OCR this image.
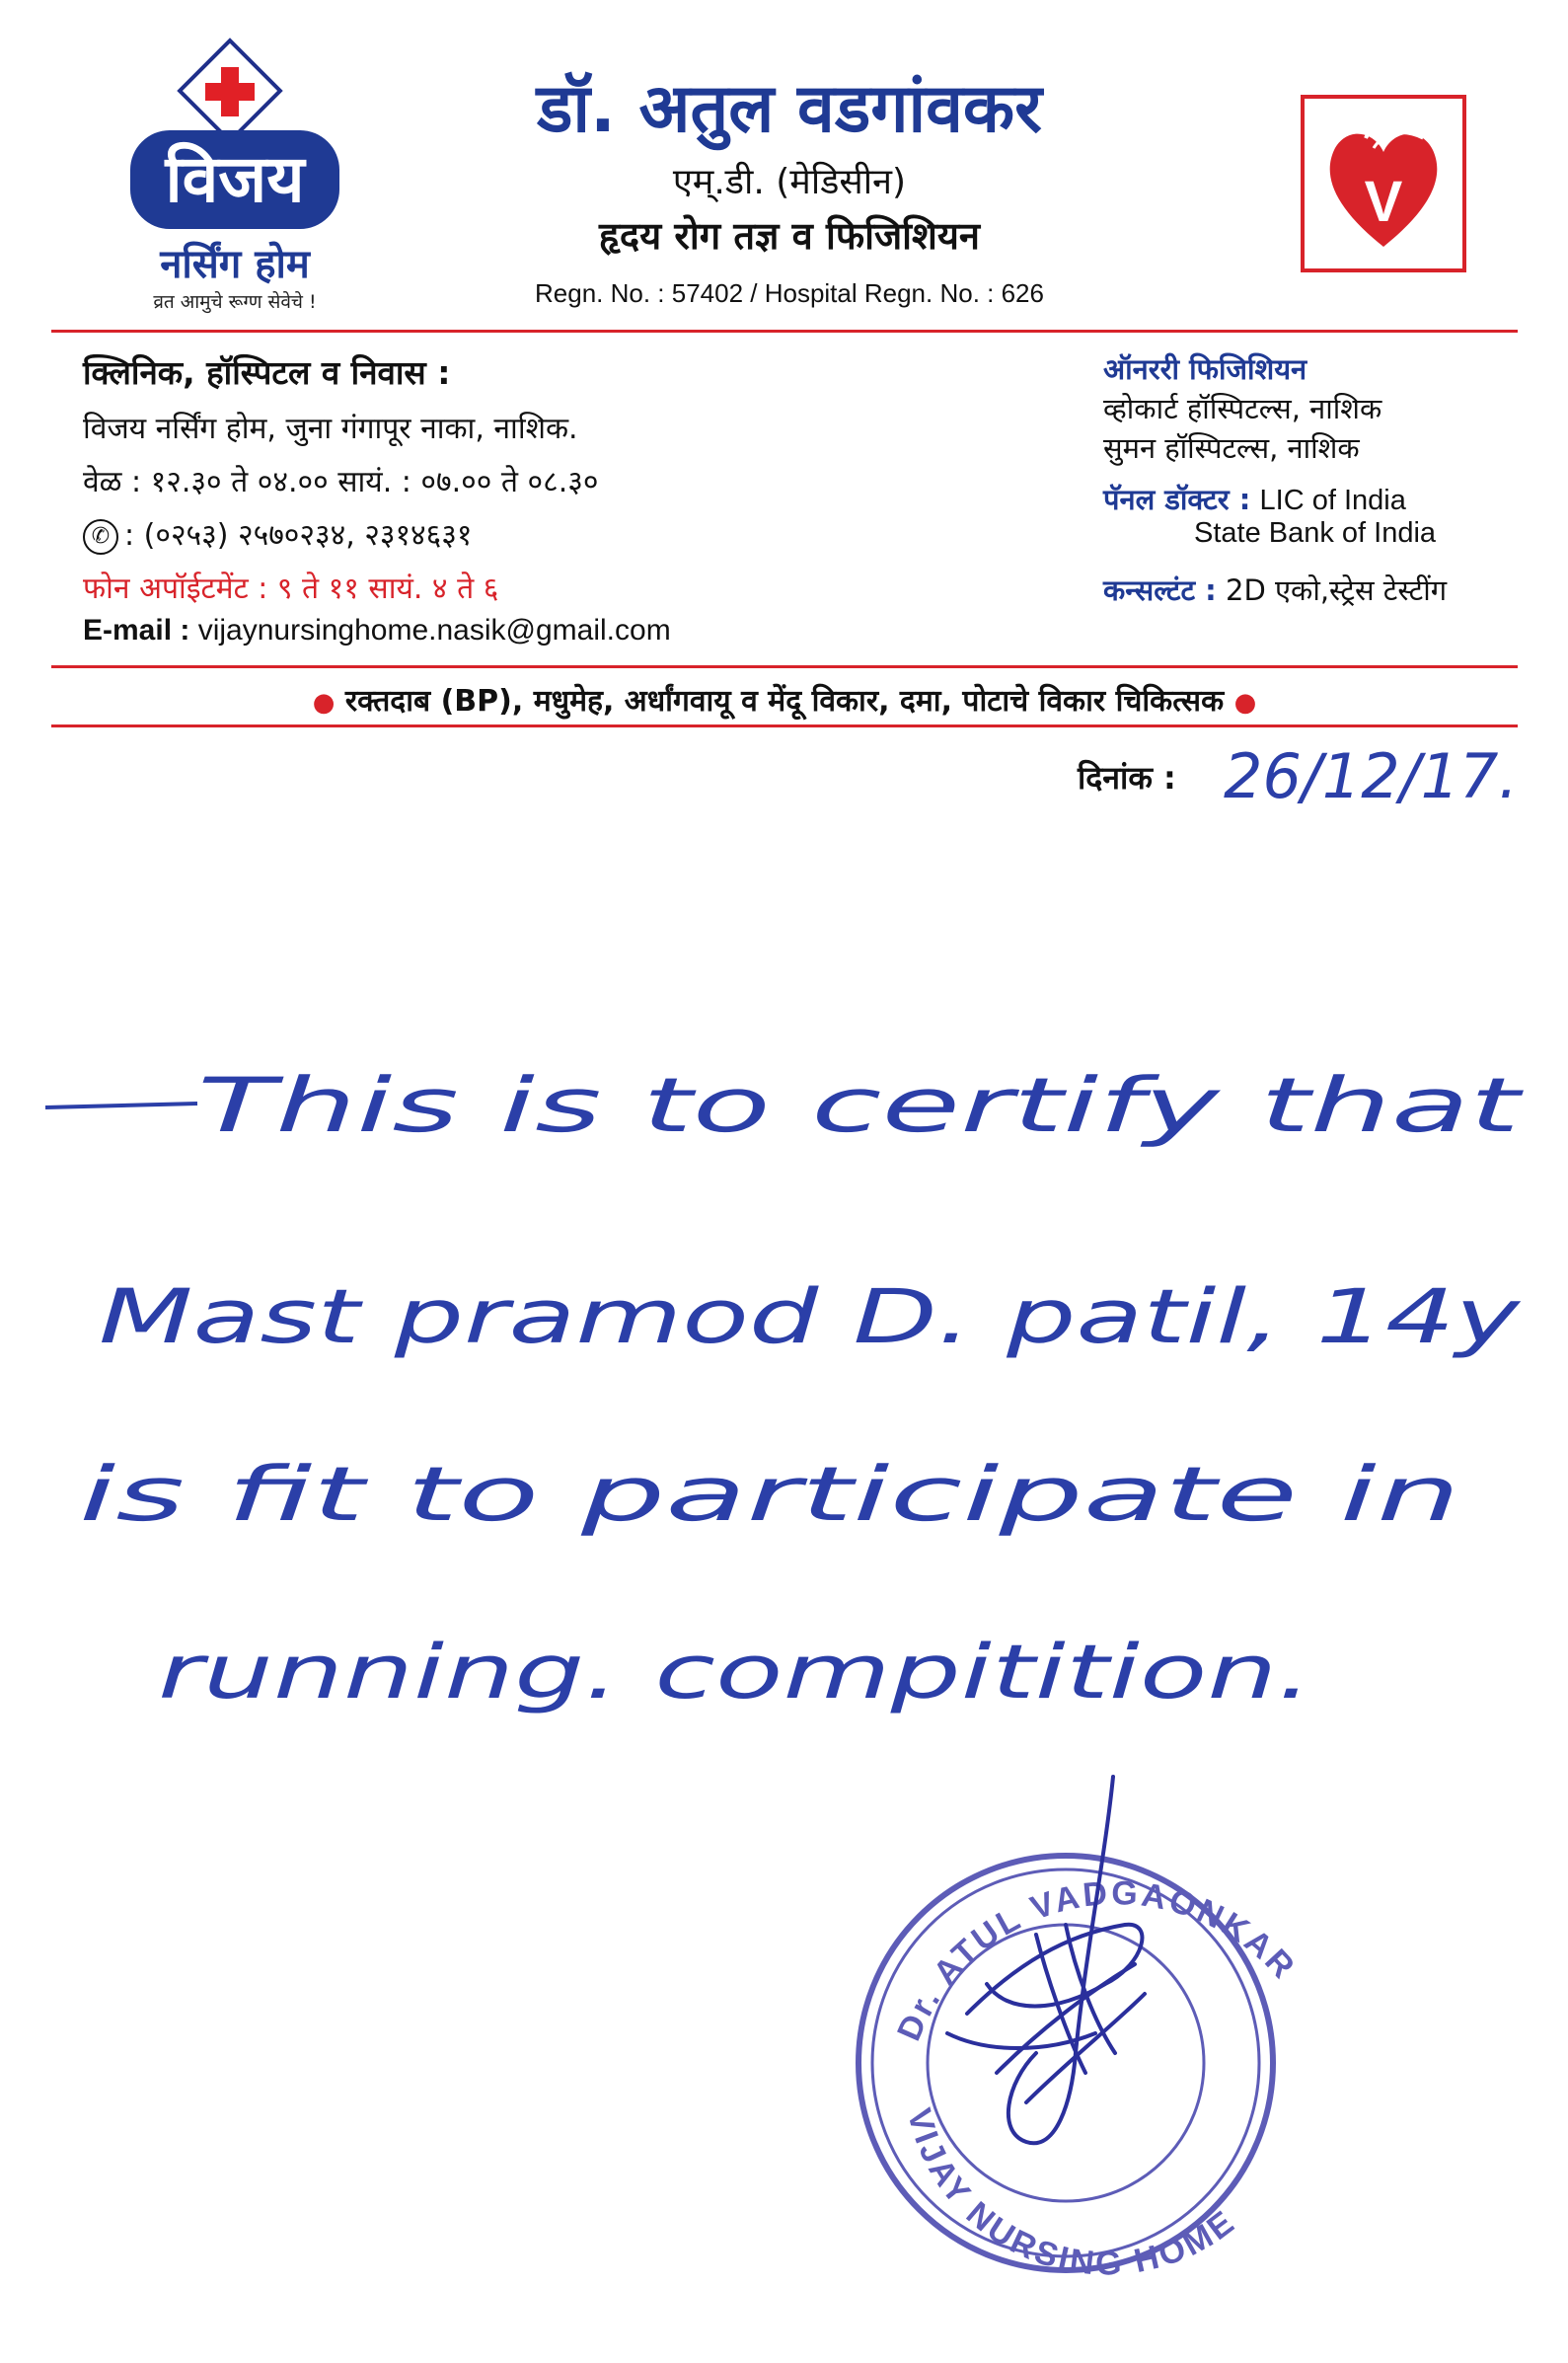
विजय
नर्सिंग होम
व्रत आमुचे रूग्ण सेवेचे !
डॉ. अतुल वडगांवकर
एम्.डी. (मेडिसीन)
हृदय रोग तज्ञ व फिजिशियन
Regn. No. : 57402 / Hospital Regn. No. : 626
V
क्लिनिक, हॉस्पिटल व निवास :
विजय नर्सिंग होम, जुना गंगापूर नाका, नाशिक.
वेळ : १२.३० ते ०४.०० सायं. : ०७.०० ते ०८.३०
✆ : (०२५३) २५७०२३४, २३१४६३१
फोन अपॉईटमेंट : ९ ते ११ सायं. ४ ते ६
E-mail : vijaynursinghome.nasik@gmail.com
ऑनररी फिजिशियन
व्होकार्ट हॉस्पिटल्स, नाशिक
सुमन हॉस्पिटल्स, नाशिक
पॅनल डॉक्टर : LIC of India
State Bank of India
कन्सल्टंट : 2D एको,स्ट्रेस टेस्टींग
● रक्तदाब (BP), मधुमेह, अर्धांगवायू व मेंदू विकार, दमा, पोटाचे विकार चिकित्सक ●
दिनांक : 26/12/17.
This is to certify that
Mast pramod D. patil, 14y
is fit to participate in
running. compitition.
Dr. ATUL VADGAONKAR
VIJAY NURSING HOME
